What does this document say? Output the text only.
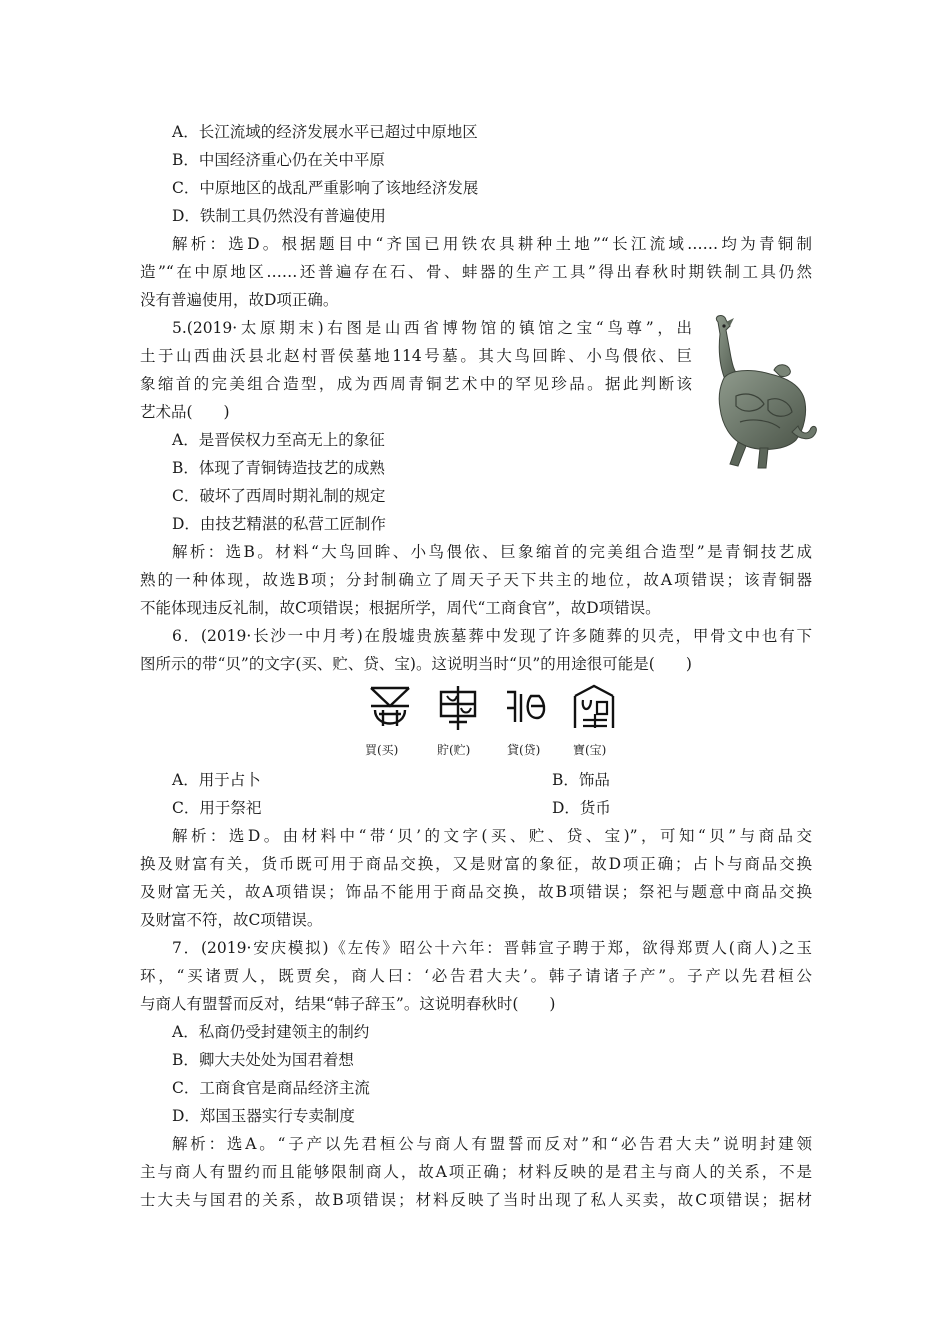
A．长江流域的经济发展水平已超过中原地区
B．中国经济重心仍在关中平原
C．中原地区的战乱严重影响了该地经济发展
D．铁制工具仍然没有普遍使用
解析：选D。根据题目中“齐国已用铁农具耕种土地”“长江流域……均为青铜制
造”“在中原地区……还普遍存在石、骨、蚌器的生产工具”得出春秋时期铁制工具仍然
没有普遍使用，故D项正确。
5.(2019·太原期末)右图是山西省博物馆的镇馆之宝“鸟尊”，出
土于山西曲沃县北赵村晋侯墓地114号墓。其大鸟回眸、小鸟偎依、巨
象缩首的完美组合造型，成为西周青铜艺术中的罕见珍品。据此判断该
艺术品(　　)
A．是晋侯权力至高无上的象征
B．体现了青铜铸造技艺的成熟
C．破坏了西周时期礼制的规定
D．由技艺精湛的私营工匠制作
解析：选B。材料“大鸟回眸、小鸟偎依、巨象缩首的完美组合造型”是青铜技艺成
熟的一种体现，故选B项；分封制确立了周天子天下共主的地位，故A项错误；该青铜器
不能体现违反礼制，故C项错误；根据所学，周代“工商食官”，故D项错误。
6．(2019·长沙一中月考)在殷墟贵族墓葬中发现了许多随葬的贝壳，甲骨文中也有下
图所示的带“贝”的文字(买、贮、贷、宝)。这说明当时“贝”的用途很可能是(　　)
買(买)	貯(贮)	貸(贷)	寶(宝)
A．用于占卜	B．饰品
C．用于祭祀	D．货币
解析：选D。由材料中“带‘贝’的文字(买、贮、贷、宝)”，可知“贝”与商品交
换及财富有关，货币既可用于商品交换，又是财富的象征，故D项正确；占卜与商品交换
及财富无关，故A项错误；饰品不能用于商品交换，故B项错误；祭祀与题意中商品交换
及财富不符，故C项错误。
7．(2019·安庆模拟)《左传》昭公十六年：晋韩宣子聘于郑，欲得郑贾人(商人)之玉
环，“买诸贾人，既贾矣，商人曰：‘必告君大夫’。韩子请诸子产”。子产以先君桓公
与商人有盟誓而反对，结果“韩子辞玉”。这说明春秋时(　　)
A．私商仍受封建领主的制约
B．卿大夫处处为国君着想
C．工商食官是商品经济主流
D．郑国玉器实行专卖制度
解析：选A。“子产以先君桓公与商人有盟誓而反对”和“必告君大夫”说明封建领
主与商人有盟约而且能够限制商人，故A项正确；材料反映的是君主与商人的关系，不是
士大夫与国君的关系，故B项错误；材料反映了当时出现了私人买卖，故C项错误；据材
